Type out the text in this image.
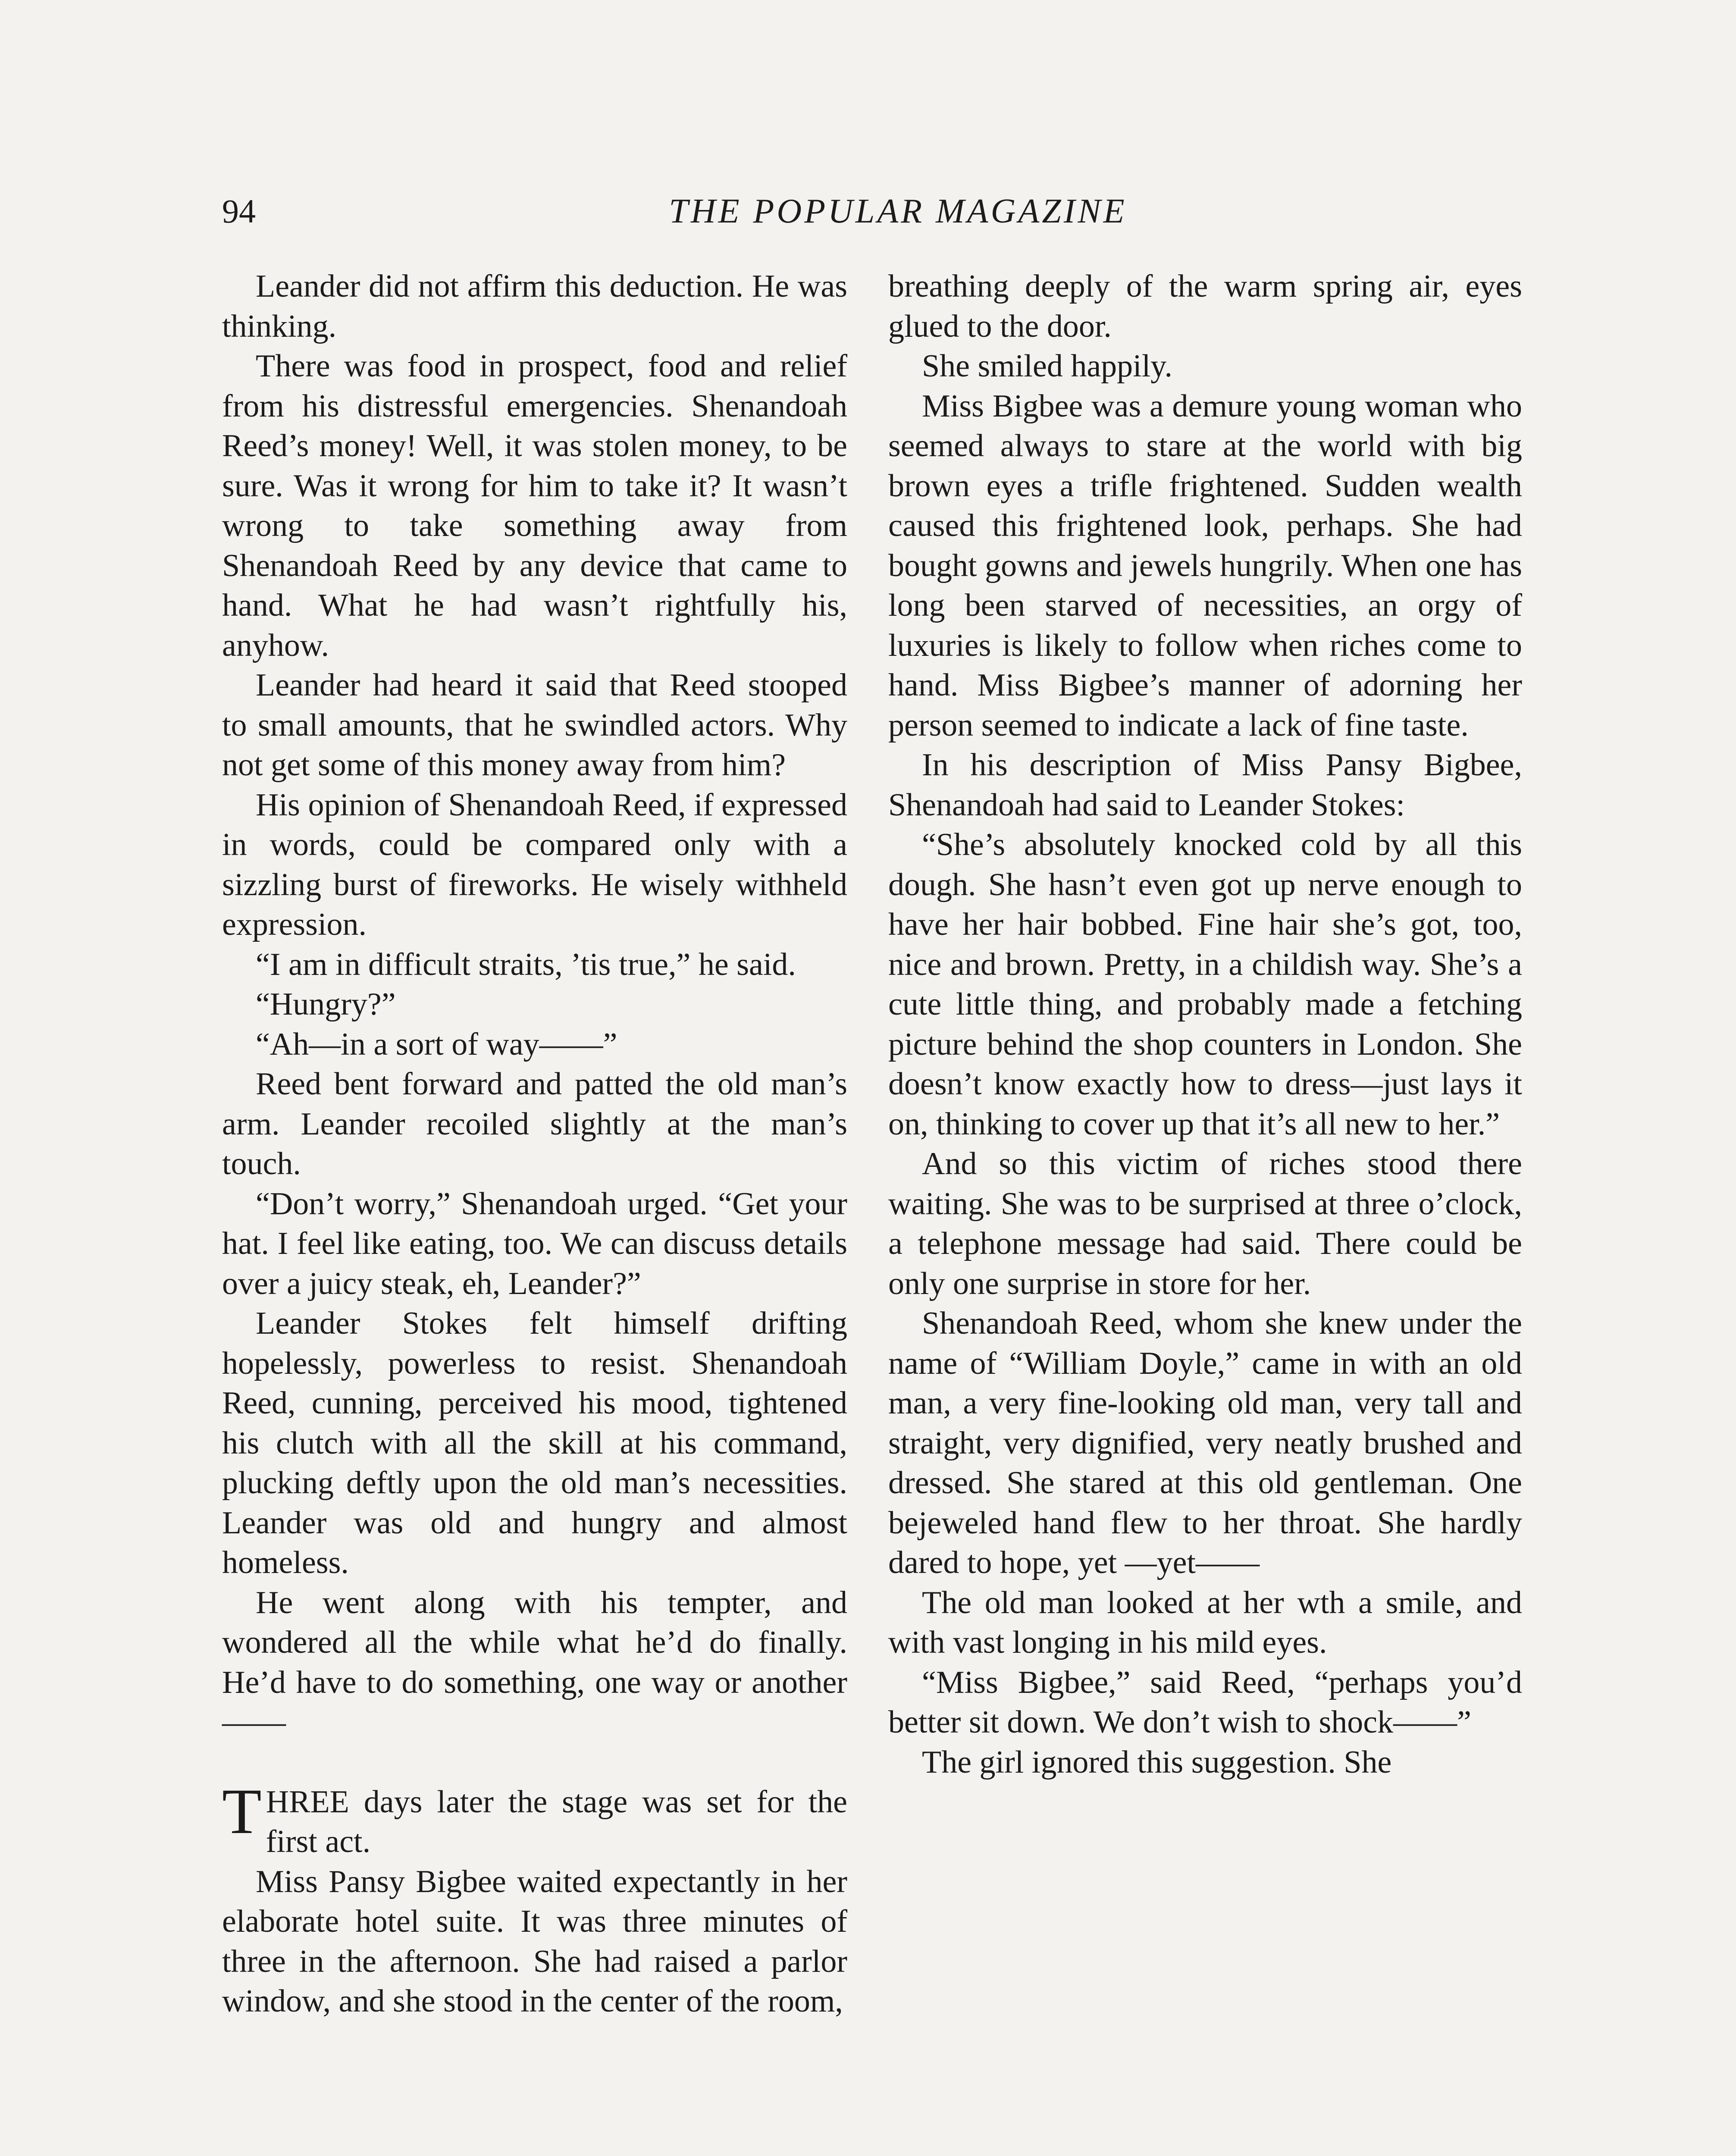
94	THE POPULAR MAGAZINE

Leander did not affirm this deduction. He was thinking.

There was food in prospect, food and relief from his distressful emergencies. Shenandoah Reed’s money! Well, it was stolen money, to be sure. Was it wrong for him to take it? It wasn’t wrong to take something away from Shenandoah Reed by any device that came to hand. What he had wasn’t rightfully his, anyhow.

Leander had heard it said that Reed stooped to small amounts, that he swindled actors. Why not get some of this money away from him?

His opinion of Shenandoah Reed, if expressed in words, could be compared only with a sizzling burst of fireworks. He wisely withheld expression.

“I am in difficult straits, ’tis true,” he said.

“Hungry?”

“Ah—in a sort of way——”

Reed bent forward and patted the old man’s arm. Leander recoiled slightly at the man’s touch.

“Don’t worry,” Shenandoah urged. “Get your hat. I feel like eating, too. We can discuss details over a juicy steak, eh, Leander?”

Leander Stokes felt himself drifting hopelessly, powerless to resist. Shenandoah Reed, cunning, perceived his mood, tightened his clutch with all the skill at his command, plucking deftly upon the old man’s necessities. Leander was old and hungry and almost homeless.

He went along with his tempter, and wondered all the while what he’d do finally. He’d have to do something, one way or another——

THREE days later the stage was set for the first act.

Miss Pansy Bigbee waited expectantly in her elaborate hotel suite. It was three minutes of three in the afternoon. She had raised a parlor window, and she stood in the center of the room,

breathing deeply of the warm spring air, eyes glued to the door.

She smiled happily.

Miss Bigbee was a demure young woman who seemed always to stare at the world with big brown eyes a trifle frightened. Sudden wealth caused this frightened look, perhaps. She had bought gowns and jewels hungrily. When one has long been starved of necessities, an orgy of luxuries is likely to follow when riches come to hand. Miss Bigbee’s manner of adorning her person seemed to indicate a lack of fine taste.

In his description of Miss Pansy Bigbee, Shenandoah had said to Leander Stokes:

“She’s absolutely knocked cold by all this dough. She hasn’t even got up nerve enough to have her hair bobbed. Fine hair she’s got, too, nice and brown. Pretty, in a childish way. She’s a cute little thing, and probably made a fetching picture behind the shop counters in London. She doesn’t know exactly how to dress—just lays it on, thinking to cover up that it’s all new to her.”

And so this victim of riches stood there waiting. She was to be surprised at three o’clock, a telephone message had said. There could be only one surprise in store for her.

Shenandoah Reed, whom she knew under the name of “William Doyle,” came in with an old man, a very fine-looking old man, very tall and straight, very dignified, very neatly brushed and dressed. She stared at this old gentleman. One bejeweled hand flew to her throat. She hardly dared to hope, yet —yet——

The old man looked at her wth a smile, and with vast longing in his mild eyes.

“Miss Bigbee,” said Reed, “perhaps you’d better sit down. We don’t wish to shock——”

The girl ignored this suggestion. She
